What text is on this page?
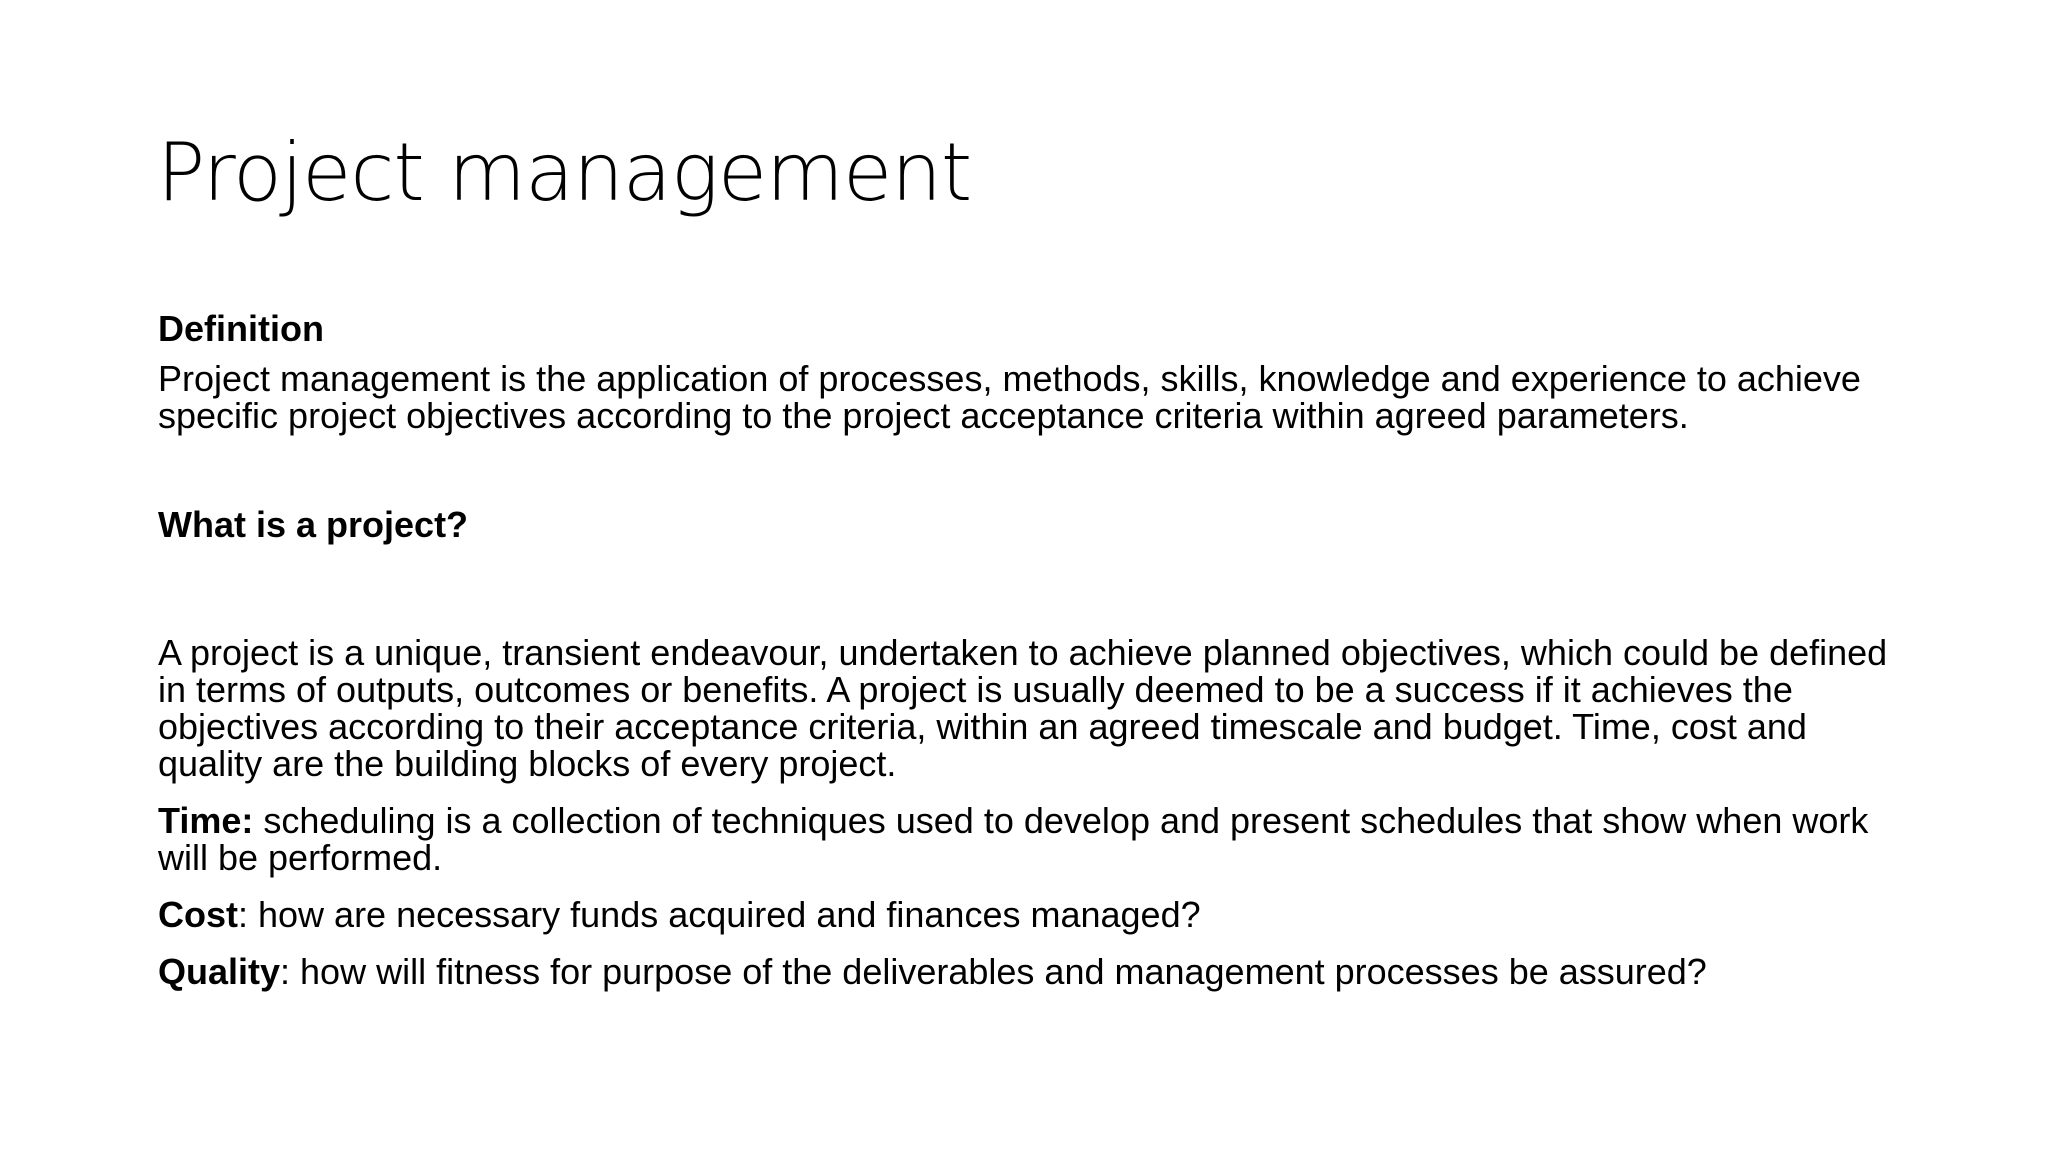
Project management

Definition

Project management is the application of processes, methods, skills, knowledge and experience to achieve specific project objectives according to the project acceptance criteria within agreed parameters.

What is a project?

A project is a unique, transient endeavour, undertaken to achieve planned objectives, which could be defined in terms of outputs, outcomes or benefits. A project is usually deemed to be a success if it achieves the objectives according to their acceptance criteria, within an agreed timescale and budget. Time, cost and quality are the building blocks of every project.

Time: scheduling is a collection of techniques used to develop and present schedules that show when work will be performed.

Cost: how are necessary funds acquired and finances managed?

Quality: how will fitness for purpose of the deliverables and management processes be assured?
